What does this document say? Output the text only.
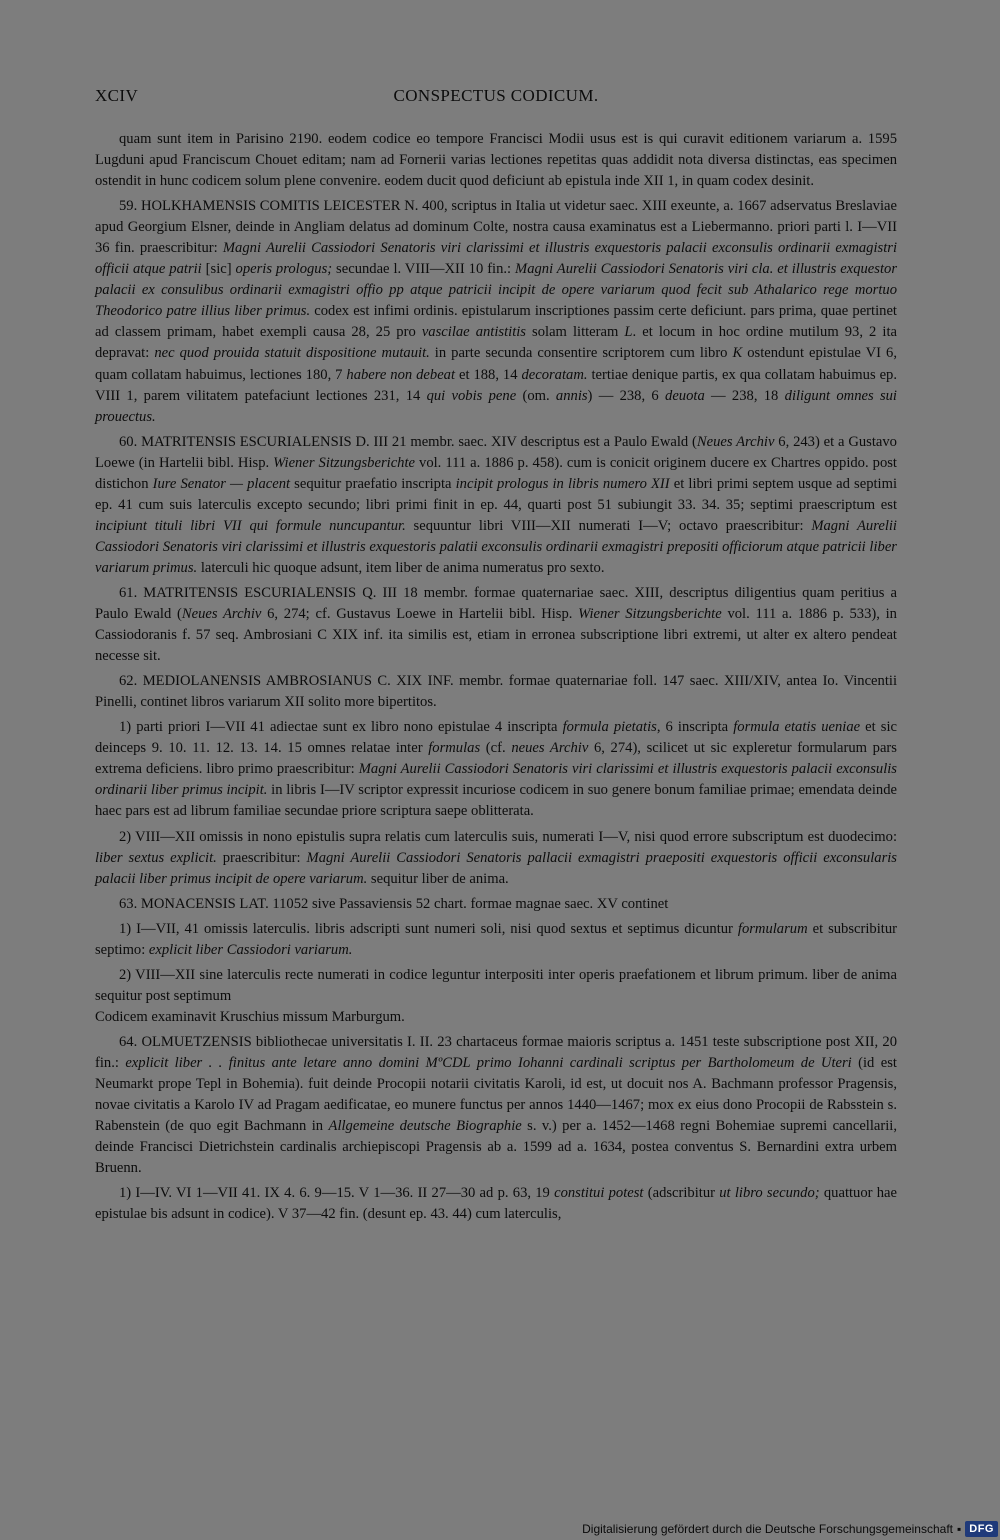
XCIV	CONSPECTUS CODICUM.

quam sunt item in Parisino 2190. eodem codice eo tempore Francisci Modii usus est is qui curavit editionem variarum a. 1595 Lugduni apud Franciscum Chouet editam; nam ad Fornerii varias lectiones repetitas quas addidit nota diversa distinctas, eas specimen ostendit in hunc codicem solum plene convenire. eodem ducit quod deficiunt ab epistula inde XII 1, in quam codex desinit.

59. HOLKHAMENSIS COMITIS LEICESTER N. 400, scriptus in Italia ut videtur saec. XIII exeunte, a. 1667 adservatus Breslaviae apud Georgium Elsner, deinde in Angliam delatus ad dominum Colte, nostra causa examinatus est a Liebermanno. priori parti l. I—VII 36 fin. praescribitur: Magni Aurelii Cassiodori Senatoris viri clarissimi et illustris exquestoris palacii exconsulis ordinarii exmagistri officii atque patrii [sic] operis prologus; secundae l. VIII—XII 10 fin.: Magni Aurelii Cassiodori Senatoris viri cla. et illustris exquestor palacii ex consulibus ordinarii exmagistri offio pp atque patricii incipit de opere variarum quod fecit sub Athalarico rege mortuo Theodorico patre illius liber primus. codex est infimi ordinis. epistularum inscriptiones passim certe deficiunt. pars prima, quae pertinet ad classem primam, habet exempli causa 28, 25 pro vascilae antistitis solam litteram L. et locum in hoc ordine mutilum 93, 2 ita depravat: nec quod prouida statuit dispositione mutauit. in parte secunda consentire scriptorem cum libro K ostendunt epistulae VI 6, quam collatam habuimus, lectiones 180, 7 habere non debeat et 188, 14 decoratam. tertiae denique partis, ex qua collatam habuimus ep. VIII 1, parem vilitatem patefaciunt lectiones 231, 14 qui vobis pene (om. annis) — 238, 6 deuota — 238, 18 diligunt omnes sui prouectus.

60. MATRITENSIS ESCURIALENSIS D. III 21 membr. saec. XIV descriptus est a Paulo Ewald (Neues Archiv 6, 243) et a Gustavo Loewe (in Hartelii bibl. Hisp. Wiener Sitzungsberichte vol. 111 a. 1886 p. 458). cum is conicit originem ducere ex Chartres oppido. post distichon Iure Senator — placent sequitur praefatio inscripta incipit prologus in libris numero XII et libri primi septem usque ad septimi ep. 41 cum suis laterculis excepto secundo; libri primi finit in ep. 44, quarti post 51 subiungit 33. 34. 35; septimi praescriptum est incipiunt tituli libri VII qui formule nuncupantur. sequuntur libri VIII—XII numerati I—V; octavo praescribitur: Magni Aurelii Cassiodori Senatoris viri clarissimi et illustris exquestoris palatii exconsulis ordinarii exmagistri prepositi officiorum atque patricii liber variarum primus. laterculi hic quoque adsunt, item liber de anima numeratus pro sexto.

61. MATRITENSIS ESCURIALENSIS Q. III 18 membr. formae quaternariae saec. XIII, descriptus diligentius quam peritius a Paulo Ewald (Neues Archiv 6, 274; cf. Gustavus Loewe in Hartelii bibl. Hisp. Wiener Sitzungsberichte vol. 111 a. 1886 p. 533), in Cassiodoranis f. 57 seq. Ambrosiani C XIX inf. ita similis est, etiam in erronea subscriptione libri extremi, ut alter ex altero pendeat necesse sit.

62. MEDIOLANENSIS AMBROSIANUS C. XIX INF. membr. formae quaternariae foll. 147 saec. XIII/XIV, antea Io. Vincentii Pinelli, continet libros variarum XII solito more bipertitos.

1) parti priori I—VII 41 adiectae sunt ex libro nono epistulae 4 inscripta formula pietatis, 6 inscripta formula etatis ueniae et sic deinceps 9. 10. 11. 12. 13. 14. 15 omnes relatae inter formulas (cf. neues Archiv 6, 274), scilicet ut sic expleretur formularum pars extrema deficiens. libro primo praescribitur: Magni Aurelii Cassiodori Senatoris viri clarissimi et illustris exquestoris palacii exconsulis ordinarii liber primus incipit. in libris I—IV scriptor expressit incuriose codicem in suo genere bonum familiae primae; emendata deinde haec pars est ad librum familiae secundae priore scriptura saepe oblitterata.

2) VIII—XII omissis in nono epistulis supra relatis cum laterculis suis, numerati I—V, nisi quod errore subscriptum est duodecimo: liber sextus explicit. praescribitur: Magni Aurelii Cassiodori Senatoris pallacii exmagistri praepositi exquestoris officii exconsularis palacii liber primus incipit de opere variarum. sequitur liber de anima.

63. MONACENSIS LAT. 11052 sive Passaviensis 52 chart. formae magnae saec. XV continet

1) I—VII, 41 omissis laterculis. libris adscripti sunt numeri soli, nisi quod sextus et septimus dicuntur formularum et subscribitur septimo: explicit liber Cassiodori variarum.

2) VIII—XII sine laterculis recte numerati in codice leguntur interpositi inter operis praefationem et librum primum. liber de anima sequitur post septimum

Codicem examinavit Kruschius missum Marburgum.

64. OLMUETZENSIS bibliothecae universitatis I. II. 23 chartaceus formae maioris scriptus a. 1451 teste subscriptione post XII, 20 fin.: explicit liber . . finitus ante letare anno domini MºCDL primo Iohanni cardinali scriptus per Bartholomeum de Uteri (id est Neumarkt prope Tepl in Bohemia). fuit deinde Procopii notarii civitatis Karoli, id est, ut docuit nos A. Bachmann professor Pragensis, novae civitatis a Karolo IV ad Pragam aedificatae, eo munere functus per annos 1440—1467; mox ex eius dono Procopii de Rabsstein s. Rabenstein (de quo egit Bachmann in Allgemeine deutsche Biographie s. v.) per a. 1452—1468 regni Bohemiae supremi cancellarii, deinde Francisci Dietrichstein cardinalis archiepiscopi Pragensis ab a. 1599 ad a. 1634, postea conventus S. Bernardini extra urbem Bruenn.

1) I—IV. VI 1—VII 41. IX 4. 6. 9—15. V 1—36. II 27—30 ad p. 63, 19 constitui potest (adscribitur ut libro secundo; quattuor hae epistulae bis adsunt in codice). V 37—42 fin. (desunt ep. 43. 44) cum laterculis,

Digitalisierung gefördert durch die Deutsche Forschungsgemeinschaft ▪ DFG
